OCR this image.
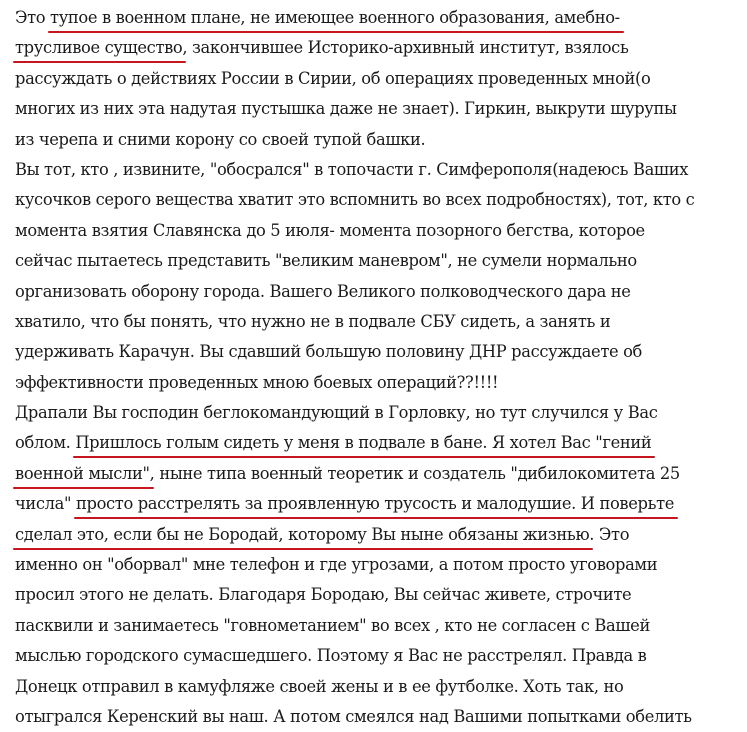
Это тупое в военном плане, не имеющее военного образования, амебно-
трусливое существо, закончившее Историко-архивный институт, взялось
рассуждать о действиях России в Сирии, об операциях проведенных мной(о
многих из них эта надутая пустышка даже не знает). Гиркин, выкрути шурупы
из черепа и сними корону со своей тупой башки.
Вы тот, кто , извините, "обосрался" в топочасти г. Симферополя(надеюсь Ваших
кусочков серого вещества хватит это вспомнить во всех подробностях), тот, кто с
момента взятия Славянска до 5 июля- момента позорного бегства, которое
сейчас пытаетесь представить "великим маневром", не сумели нормально
организовать оборону города. Вашего Великого полководческого дара не
хватило, что бы понять, что нужно не в подвале СБУ сидеть, а занять и
удерживать Карачун. Вы сдавший большую половину ДНР рассуждаете об
эффективности проведенных мною боевых операций??!!!!
Драпали Вы господин беглокомандующий в Горловку, но тут случился у Вас
облом. Пришлось голым сидеть у меня в подвале в бане. Я хотел Вас "гений
военной мысли", ныне типа военный теоретик и создатель "дибилокомитета 25
числа" просто расстрелять за проявленную трусость и малодушие. И поверьте
сделал это, если бы не Бородай, которому Вы ныне обязаны жизнью. Это
именно он "оборвал" мне телефон и где угрозами, а потом просто уговорами
просил этого не делать. Благодаря Бородаю, Вы сейчас живете, строчите
пасквили и занимаетесь "говнометанием" во всех , кто не согласен с Вашей
мыслью городского сумасшедшего. Поэтому я Вас не расстрелял. Правда в
Донецк отправил в камуфляже своей жены и в ее футболке. Хоть так, но
отыгрался Керенский вы наш. А потом смеялся над Вашими попытками обелить
